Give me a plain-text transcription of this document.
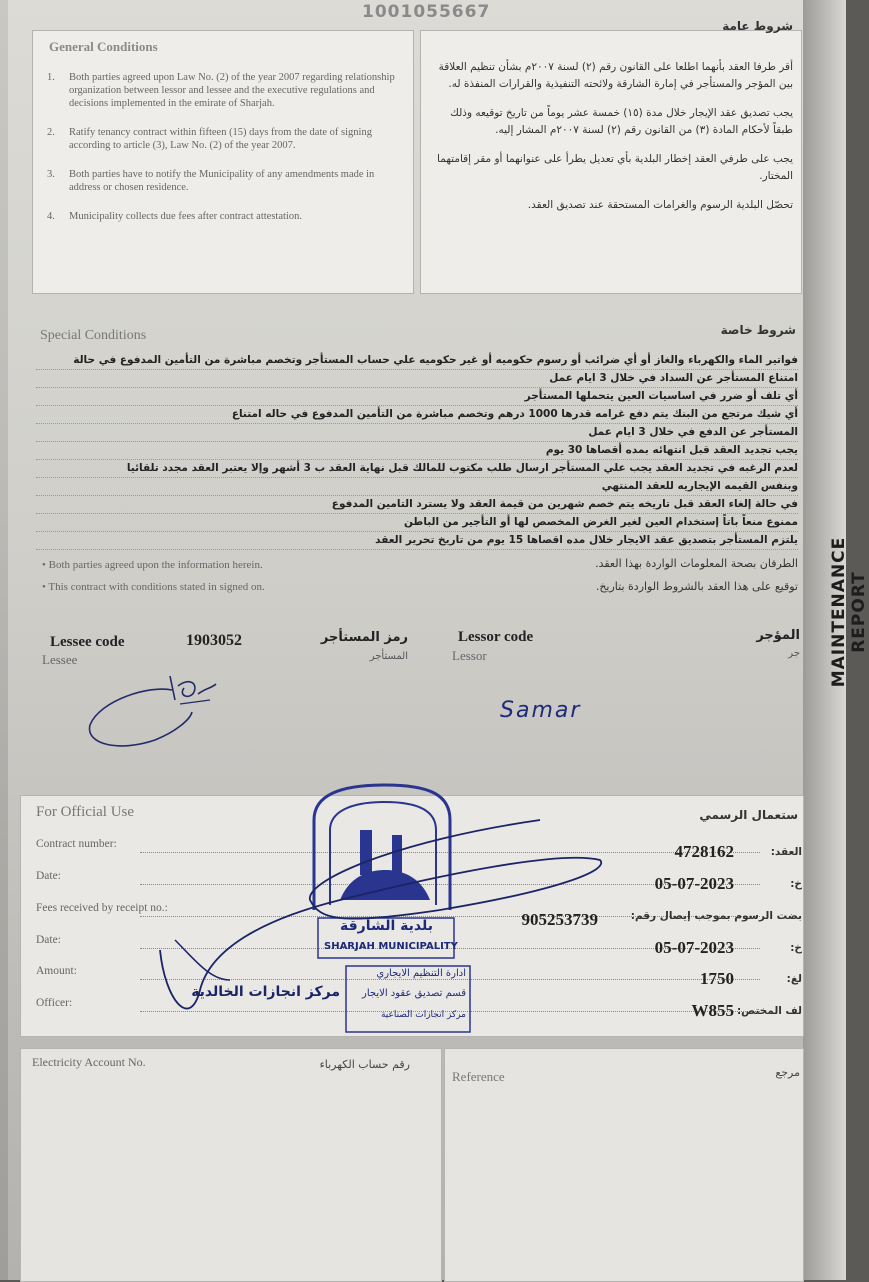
1001055667
General Conditions
1.	Both parties agreed upon Law No. (2) of the year 2007 regarding relationship organization between lessor and lessee and the executive regulations and decisions implemented in the emirate of Sharjah.
2.	Ratify tenancy contract within fifteen (15) days from the date of signing according to article (3), Law No. (2) of the year 2007.
3.	Both parties have to notify the Municipality of any amendments made in address or chosen residence.
4.	Municipality collects due fees after contract attestation.
شروط عامة
أقر طرفا العقد بأنهما اطلعا على القانون رقم (٢) لسنة ٢٠٠٧م بشأن تنظيم العلاقة بين المؤجر والمستأجر في إمارة الشارقة ولائحته التنفيذية والقرارات المنفذة له.
يجب تصديق عقد الإيجار خلال مدة (١٥) خمسة عشر يوماً من تاريخ توقيعه وذلك طبقاً لأحكام المادة (٣) من القانون رقم (٢) لسنة ٢٠٠٧م المشار إليه.
يجب على طرفي العقد إخطار البلدية بأي تعديل يطرأ على عنوانهما أو مقر إقامتهما المختار.
تحصّل البلدية الرسوم والغرامات المستحقة عند تصديق العقد.
Special Conditions	شروط خاصة
فواتير الماء والكهرباء والغاز أو أي ضرائب أو رسوم حكوميه أو غير حكوميه علي حساب المستأجر وتخصم مباشرة من التأمين المدفوع في حالة
امتناع المستأجر عن السداد في خلال 3 ايام عمل
أي تلف أو ضرر في اساسيات العين يتحملها المستأجر
أي شيك مرتجع من البنك يتم دفع غرامه قدرها 1000 درهم وتخصم مباشرة من التأمين المدفوع في حاله امتناع
المستأجر عن الدفع في خلال 3 ايام عمل
يجب تجديد العقد قبل انتهائه بمده أقصاها 30 يوم
لعدم الرغبه في تجديد العقد يجب علي المستأجر ارسال طلب مكتوب للمالك قبل نهاية العقد ب 3 أشهر وإلا يعتبر العقد مجدد تلقائيا
وبنفس القيمه الإيجاريه للعقد المنتهي
في حالة إلغاء العقد قبل تاريخه يتم خصم شهرين من قيمة العقد ولا يسترد التامين المدفوع
ممنوع منعاً باتاً إستخدام العين لغير الغرض المخصص لها أو التأجير من الباطن
يلتزم المستأجر بتصديق عقد الايجار خلال مده اقصاها 15 يوم من تاريخ تحرير العقد
• Both parties agreed upon the information herein.
• This contract with conditions stated in signed on.
الطرفان بصحة المعلومات الواردة بهذا العقد.
توقيع على هذا العقد بالشروط الواردة بتاريخ.
Lessee code	1903052	رمز المستأجر
Lessee	المستأجر
Lessor code
Lessor
المؤجر
جر
Samar
For Official Use	ستعمال الرسمي
Contract number:
العقد:
4728162
Date:
خ:
05-07-2023
Fees received by receipt no.:
بضت الرسوم بموجب إيصال رقم:
905253739
Date:
خ:
05-07-2023
Amount:
لغ:
1750
Officer:
لف المختص:
W855
بلدية الشارقة
SHARJAH MUNICIPALITY
ادارة التنظيم الايجاري
قسم تصديق عقود الايجار
مركز انجازات الصناعية
مركز انجازات الخالدية
Electricity Account No.	رقم حساب الكهرباء
Reference	مرجع
MAINTENANCE REPORT
